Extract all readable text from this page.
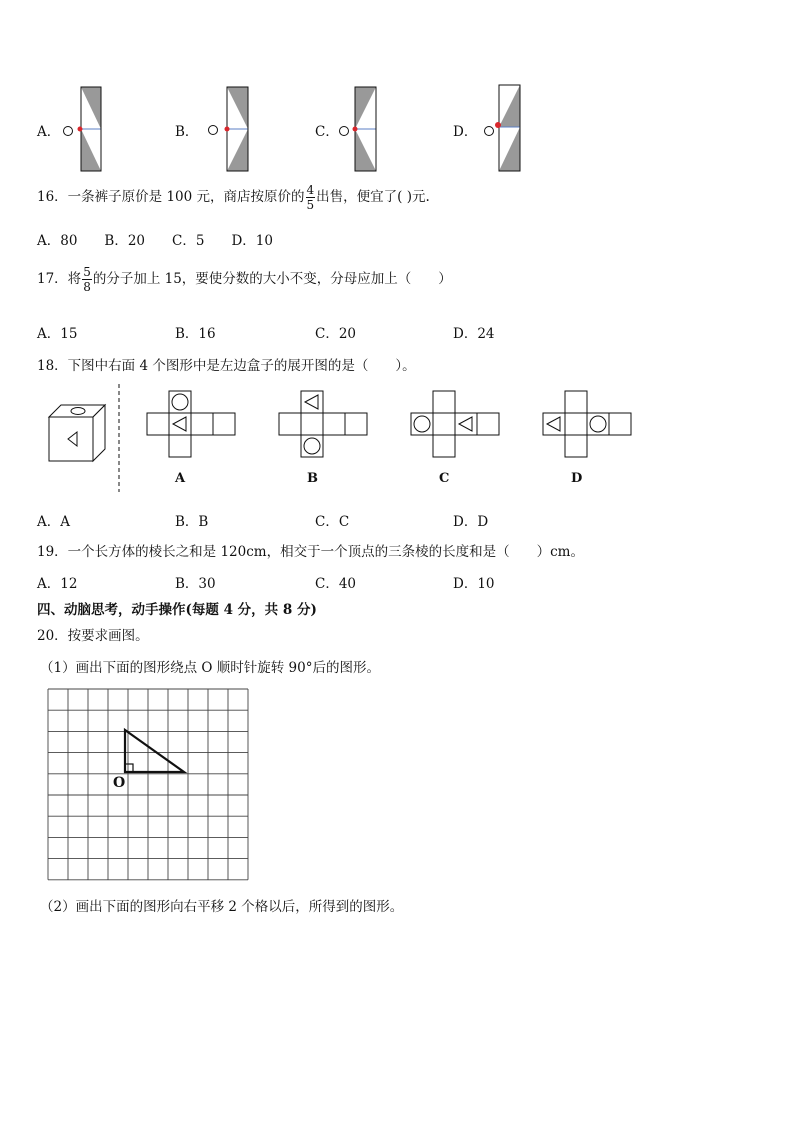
A．	B．	C．	D．
16．一条裤子原价是 100 元，商店按原价的 $\frac{4}{5}$ 出售，便宜了( )元.
A．80　　B．20　　C．5　　D．10
17．将 $\frac{5}{8}$ 的分子加上 15，要使分数的大小不变，分母应加上（　　）
A．15	B．16	C．20	D．24
18．下图中右面 4 个图形中是左边盒子的展开图的是（　　）。
A	B	C	D
A．A	B．B	C．C	D．D
19．一个长方体的棱长之和是 120cm，相交于一个顶点的三条棱的长度和是（　　）cm。
A．12	B．30	C．40	D．10
四、动脑思考，动手操作(每题 4 分，共 8 分)
20．按要求画图。
（1）画出下面的图形绕点 O 顺时针旋转 90°后的图形。
O
（2）画出下面的图形向右平移 2 个格以后，所得到的图形。
